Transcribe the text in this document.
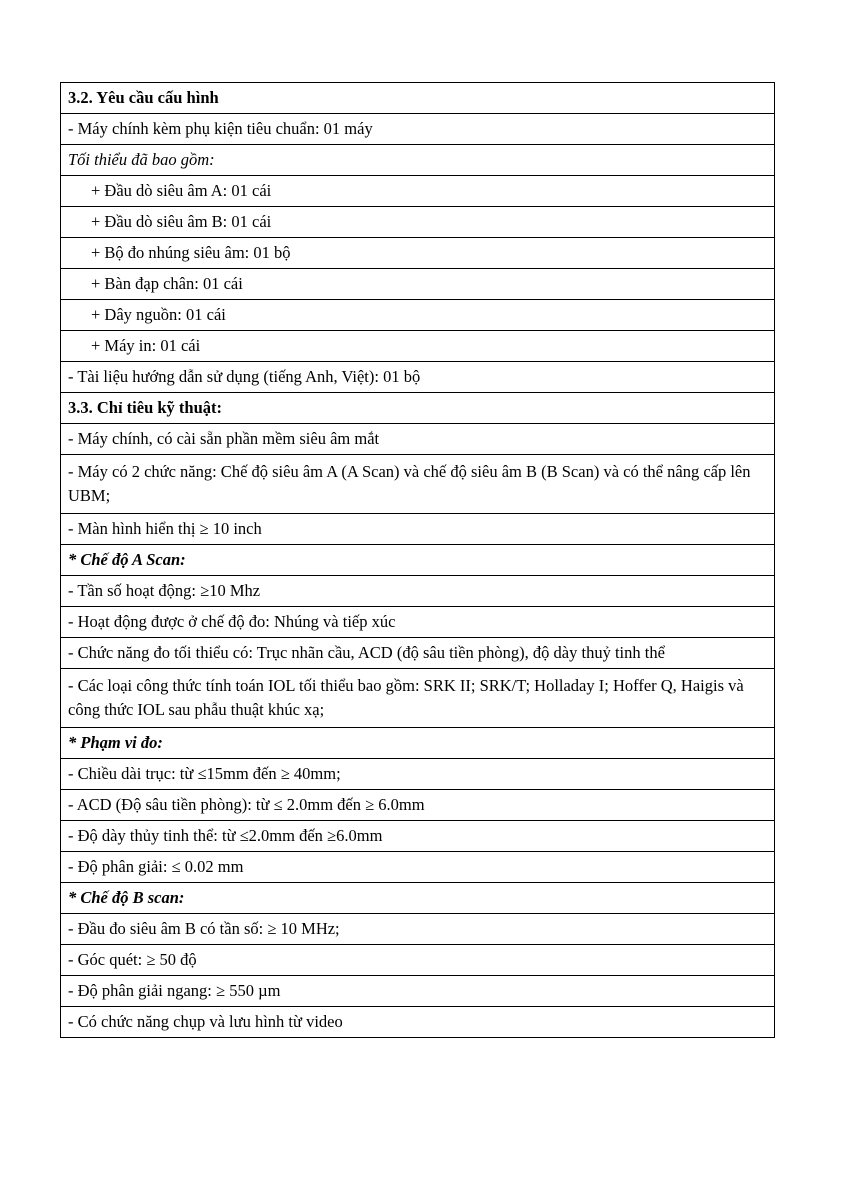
3.2. Yêu cầu cấu hình
- Máy chính kèm phụ kiện tiêu chuẩn: 01 máy
Tối thiểu đã bao gồm:
+ Đầu dò siêu âm A: 01 cái
+ Đầu dò siêu âm B: 01 cái
+ Bộ đo nhúng siêu âm: 01 bộ
+ Bàn đạp chân: 01 cái
+ Dây nguồn: 01 cái
+ Máy in: 01 cái
- Tài liệu hướng dẫn sử dụng (tiếng Anh, Việt): 01 bộ
3.3. Chỉ tiêu kỹ thuật:
- Máy chính, có cài sẵn phần mềm siêu âm mắt
- Máy có 2 chức năng: Chế độ siêu âm A (A Scan) và chế độ siêu âm B (B Scan) và có thể nâng cấp lên UBM;
- Màn hình hiển thị ≥ 10 inch
* Chế độ A Scan:
- Tần số hoạt động: ≥10 Mhz
- Hoạt động được ở chế độ đo: Nhúng và tiếp xúc
- Chức năng đo tối thiểu có: Trục nhãn cầu, ACD (độ sâu tiền phòng), độ dày thuỷ tinh thể
- Các loại công thức tính toán IOL tối thiểu bao gồm: SRK II; SRK/T; Holladay I; Hoffer Q, Haigis và công thức IOL sau phẫu thuật khúc xạ;
* Phạm vi đo:
- Chiều dài trục: từ ≤15mm đến ≥ 40mm;
- ACD (Độ sâu tiền phòng): từ ≤ 2.0mm đến ≥ 6.0mm
- Độ dày thủy tinh thể: từ ≤2.0mm đến ≥6.0mm
- Độ phân giải: ≤ 0.02 mm
* Chế độ B scan:
- Đầu đo siêu âm B có tần số: ≥ 10 MHz;
- Góc quét: ≥ 50 độ
- Độ phân giải ngang: ≥ 550 µm
- Có chức năng chụp và lưu hình từ video
